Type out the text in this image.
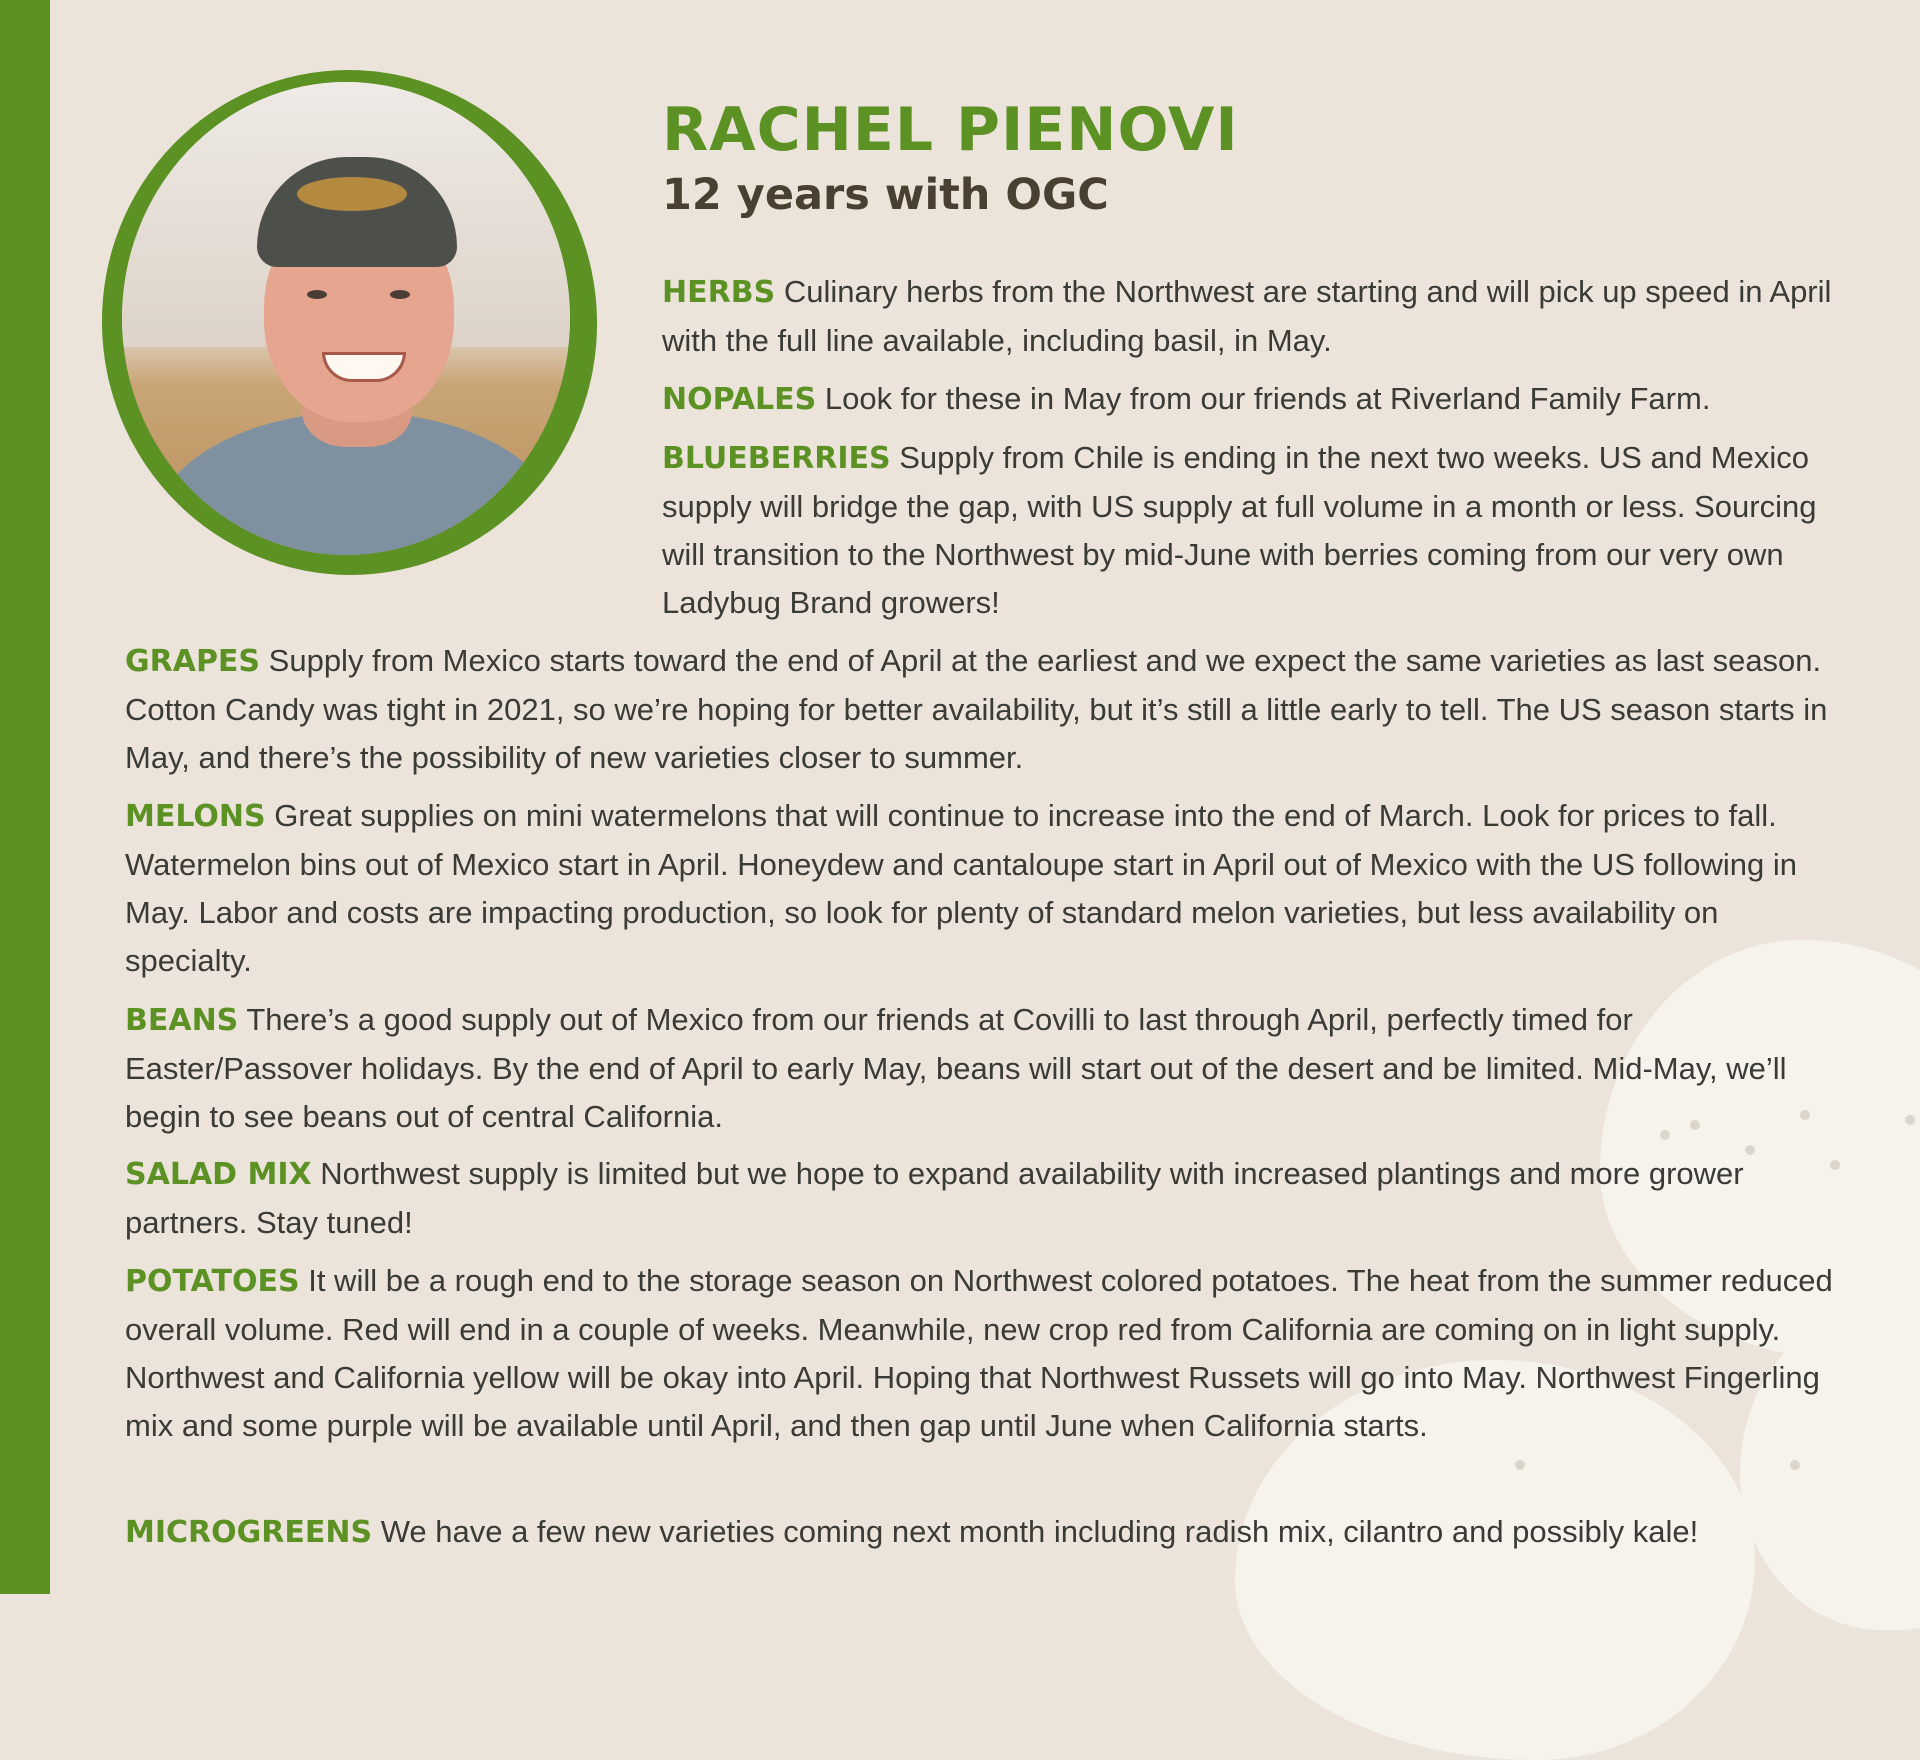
RACHEL PIENOVI
12 years with OGC

HERBS Culinary herbs from the Northwest are starting and will pick up speed in April with the full line available, including basil, in May.

NOPALES Look for these in May from our friends at Riverland Family Farm.

BLUEBERRIES Supply from Chile is ending in the next two weeks. US and Mexico supply will bridge the gap, with US supply at full volume in a month or less. Sourcing will transition to the Northwest by mid-June with berries coming from our very own Ladybug Brand growers!

GRAPES Supply from Mexico starts toward the end of April at the earliest and we expect the same varieties as last season. Cotton Candy was tight in 2021, so we’re hoping for better availability, but it’s still a little early to tell. The US season starts in May, and there’s the possibility of new varieties closer to summer.

MELONS Great supplies on mini watermelons that will continue to increase into the end of March. Look for prices to fall. Watermelon bins out of Mexico start in April. Honeydew and cantaloupe start in April out of Mexico with the US following in May. Labor and costs are impacting production, so look for plenty of standard melon varieties, but less availability on specialty.

BEANS There’s a good supply out of Mexico from our friends at Covilli to last through April, perfectly timed for Easter/Passover holidays. By the end of April to early May, beans will start out of the desert and be limited. Mid-May, we’ll begin to see beans out of central California.

SALAD MIX Northwest supply is limited but we hope to expand availability with increased plantings and more grower partners. Stay tuned!

POTATOES It will be a rough end to the storage season on Northwest colored potatoes. The heat from the summer reduced overall volume. Red will end in a couple of weeks. Meanwhile, new crop red from California are coming on in light supply. Northwest and California yellow will be okay into April. Hoping that Northwest Russets will go into May. Northwest Fingerling mix and some purple will be available until April, and then gap until June when California starts.

MICROGREENS We have a few new varieties coming next month including radish mix, cilantro and possibly kale!
